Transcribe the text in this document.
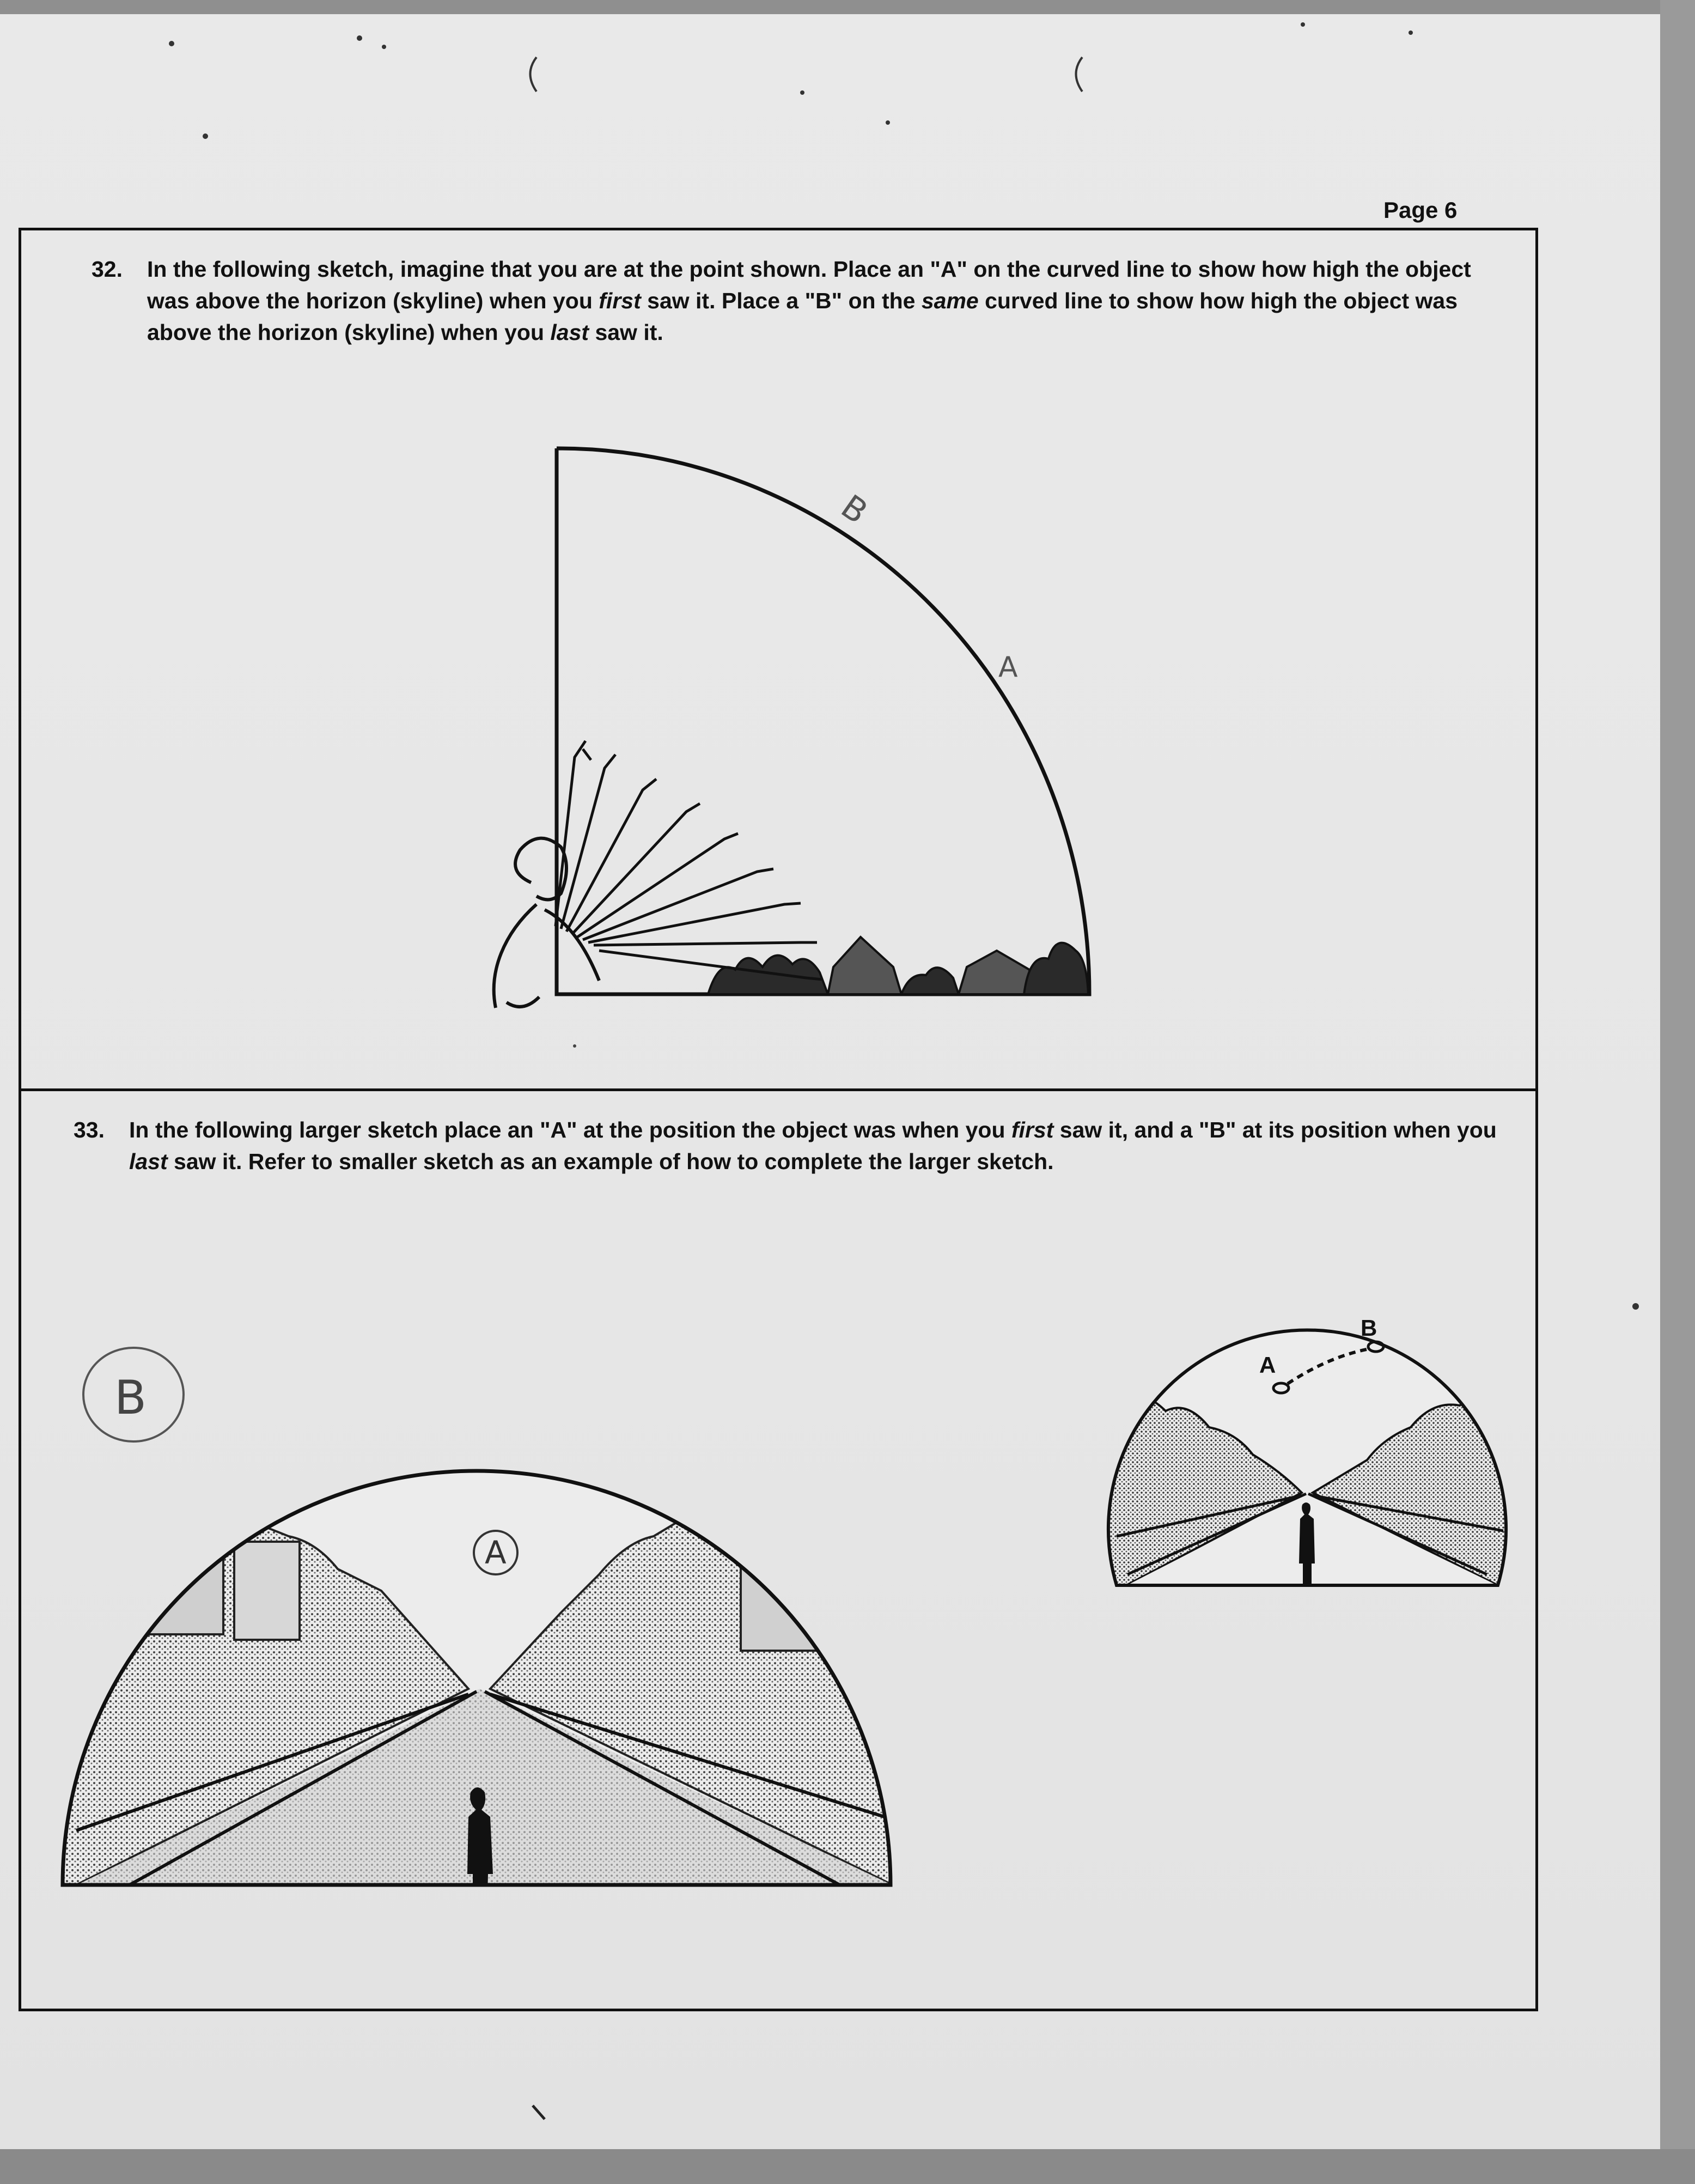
Page 6
32. In the following sketch, imagine that you are at the point shown. Place an "A" on the curved line to show how high the object was above the horizon (skyline) when you first saw it. Place a "B" on the same curved line to show how high the object was above the horizon (skyline) when you last saw it.
B
A
33. In the following larger sketch place an "A" at the position the object was when you first saw it, and a "B" at its position when you last saw it. Refer to smaller sketch as an example of how to complete the larger sketch.
A
B
A
B
